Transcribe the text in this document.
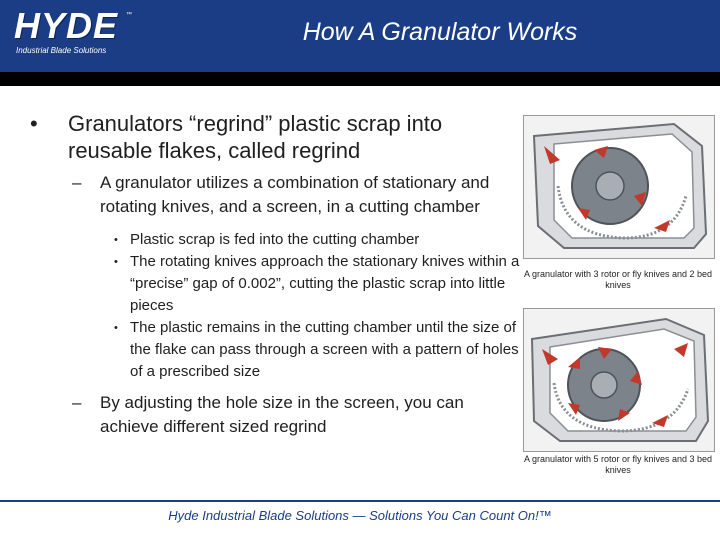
HYDE ™
Industrial Blade Solutions
How A Granulator Works

• Granulators “regrind” plastic scrap into reusable flakes, called regrind

– A granulator utilizes a combination of stationary and rotating knives, and a screen, in a cutting chamber

• Plastic scrap is fed into the cutting chamber

• The rotating knives approach the stationary knives within a “precise” gap of 0.002”, cutting the plastic scrap into little pieces

• The plastic remains in the cutting chamber until the size of the flake can pass through a screen with a pattern of holes of a prescribed size

– By adjusting the hole size in the screen, you can achieve different sized regrind

A granulator with 3 rotor or fly knives and 2 bed knives
A granulator with 5 rotor or fly knives and 3 bed knives
Hyde Industrial Blade Solutions — Solutions You Can Count On!™
